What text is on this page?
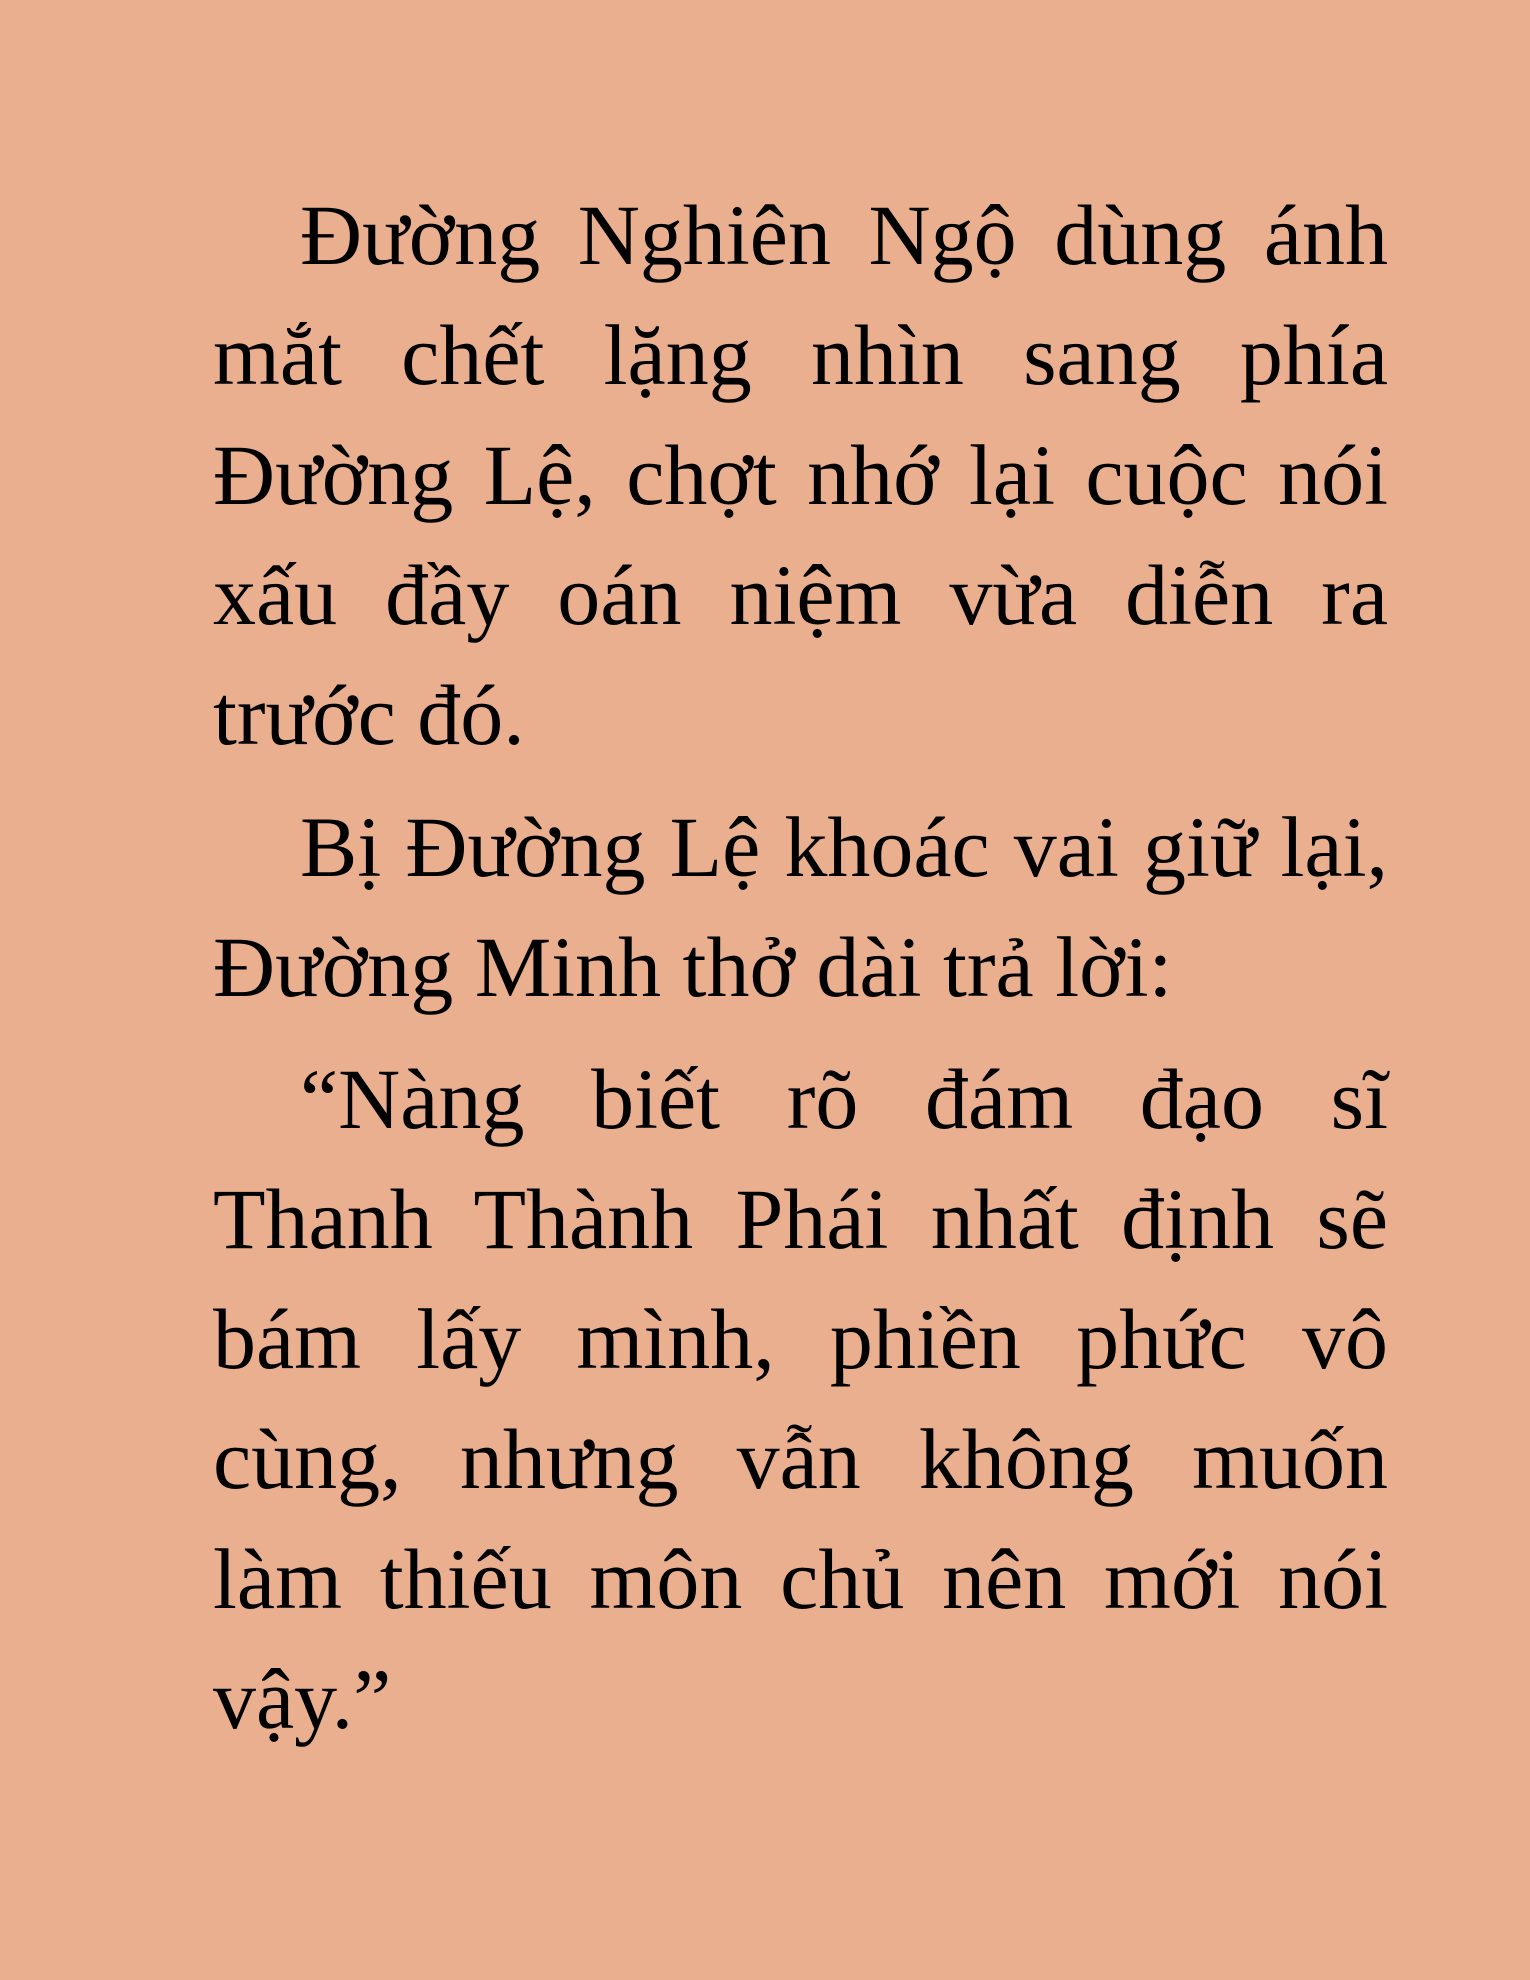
Đường Nghiên Ngộ dùng ánh mắt chết lặng nhìn sang phía Đường Lệ, chợt nhớ lại cuộc nói xấu đầy oán niệm vừa diễn ra trước đó.

Bị Đường Lệ khoác vai giữ lại, Đường Minh thở dài trả lời:

“Nàng biết rõ đám đạo sĩ Thanh Thành Phái nhất định sẽ bám lấy mình, phiền phức vô cùng, nhưng vẫn không muốn làm thiếu môn chủ nên mới nói vậy.”
